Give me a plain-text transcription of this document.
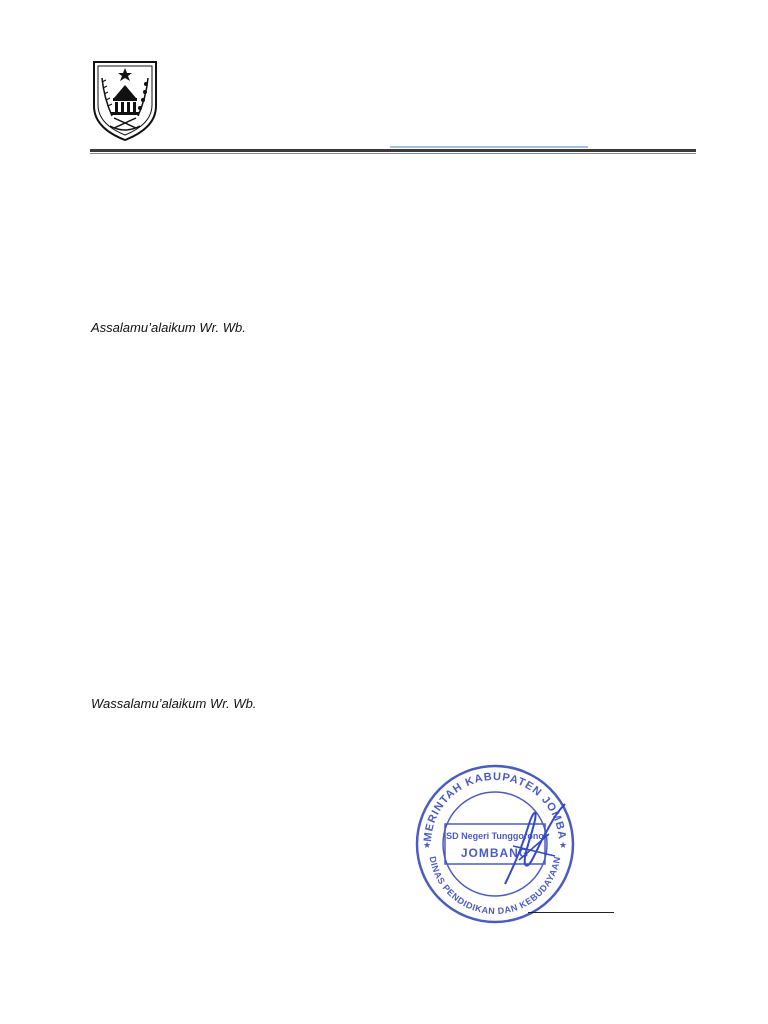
Assalamu’alaikum Wr. Wb.
Wassalamu’alaikum Wr. Wb.
MERINTAH KABUPATEN JOMBA
DINAS PENDIDIKAN DAN KEBUDAYAAN
★	★
SD Negeri Tunggorono
JOMBANG
